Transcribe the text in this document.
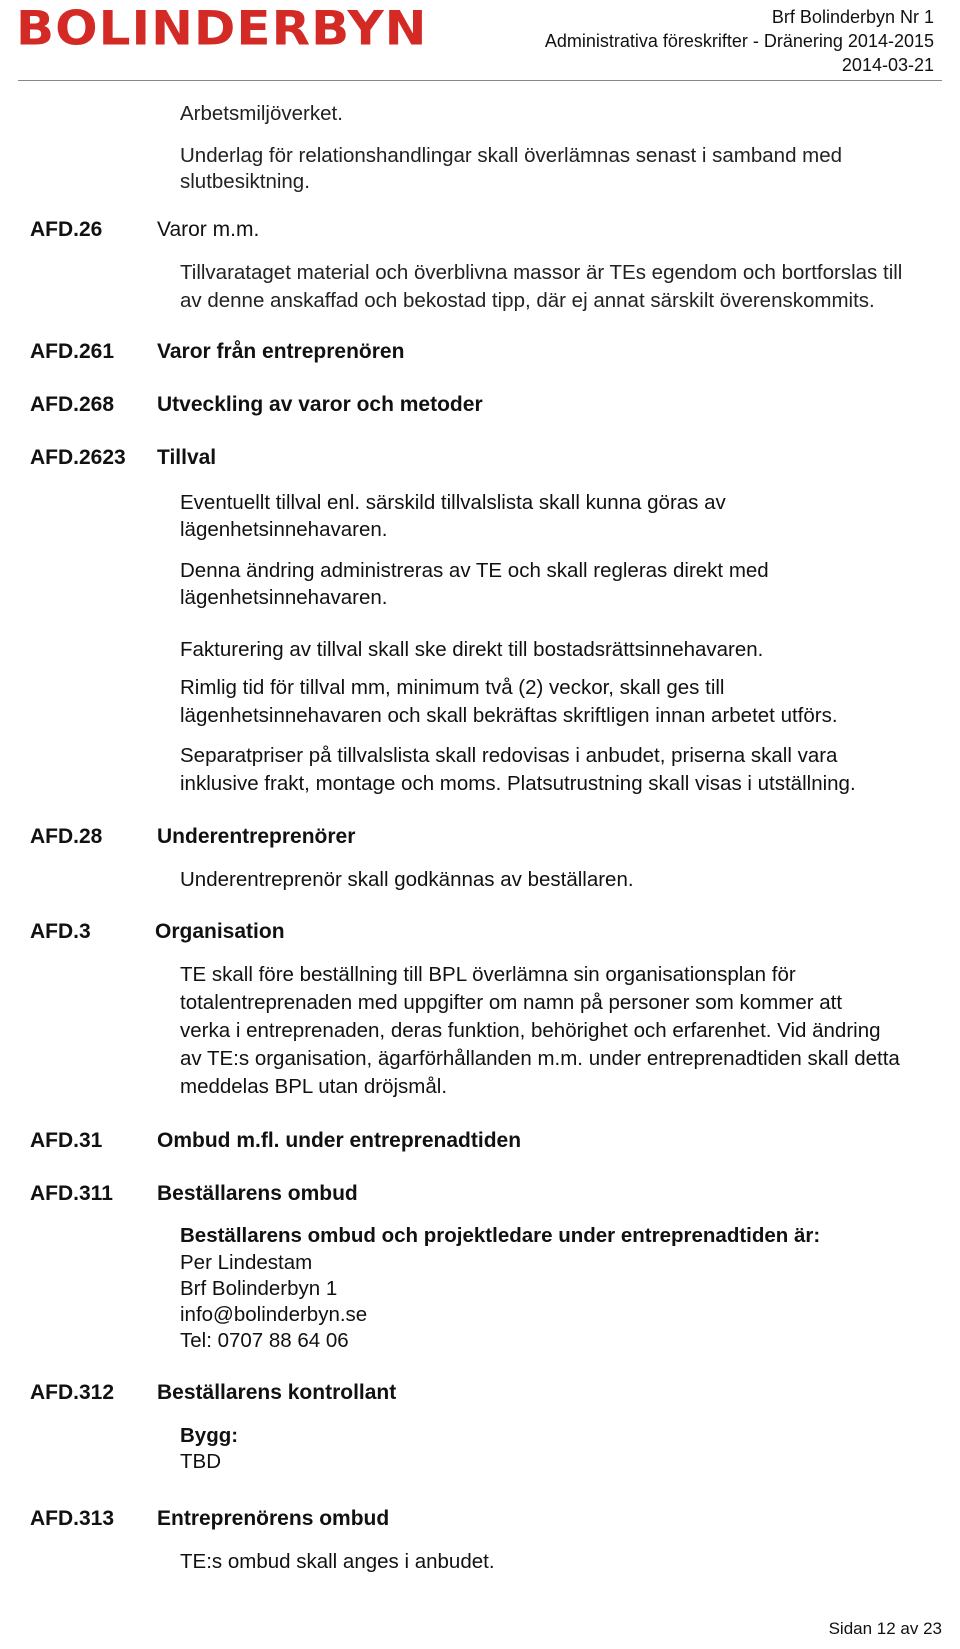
BOLINDERBYN	Brf Bolinderbyn Nr 1
Administrativa föreskrifter - Dränering 2014-2015
2014-03-21
Arbetsmiljöverket.
Underlag för relationshandlingar skall överlämnas senast i samband med
slutbesiktning.
AFD.26	Varor m.m.
Tillvarataget material och överblivna massor är TEs egendom och bortforslas till
av denne anskaffad och bekostad tipp, där ej annat särskilt överenskommits.
AFD.261 Varor från entreprenören
AFD.268 Utveckling av varor och metoder
AFD.2623 Tillval
Eventuellt tillval enl. särskild tillvalslista skall kunna göras av
lägenhetsinnehavaren.
Denna ändring administreras av TE och skall regleras direkt med
lägenhetsinnehavaren.
Fakturering av tillval skall ske direkt till bostadsrättsinnehavaren.
Rimlig tid för tillval mm, minimum två (2) veckor, skall ges till
lägenhetsinnehavaren och skall bekräftas skriftligen innan arbetet utförs.
Separatpriser på tillvalslista skall redovisas i anbudet, priserna skall vara
inklusive frakt, montage och moms. Platsutrustning skall visas i utställning.
AFD.28	Underentreprenörer
Underentreprenör skall godkännas av beställaren.
AFD.3	Organisation
TE skall före beställning till BPL överlämna sin organisationsplan för
totalentreprenaden med uppgifter om namn på personer som kommer att
verka i entreprenaden, deras funktion, behörighet och erfarenhet. Vid ändring
av TE:s organisation, ägarförhållanden m.m. under entreprenadtiden skall detta
meddelas BPL utan dröjsmål.
AFD.31	Ombud m.fl. under entreprenadtiden
AFD.311 Beställarens ombud
Beställarens ombud och projektledare under entreprenadtiden är:
Per Lindestam
Brf Bolinderbyn 1
info@bolinderbyn.se
Tel: 0707 88 64 06
AFD.312 Beställarens kontrollant
Bygg:
TBD
AFD.313 Entreprenörens ombud
TE:s ombud skall anges i anbudet.
Sidan 12 av 23
